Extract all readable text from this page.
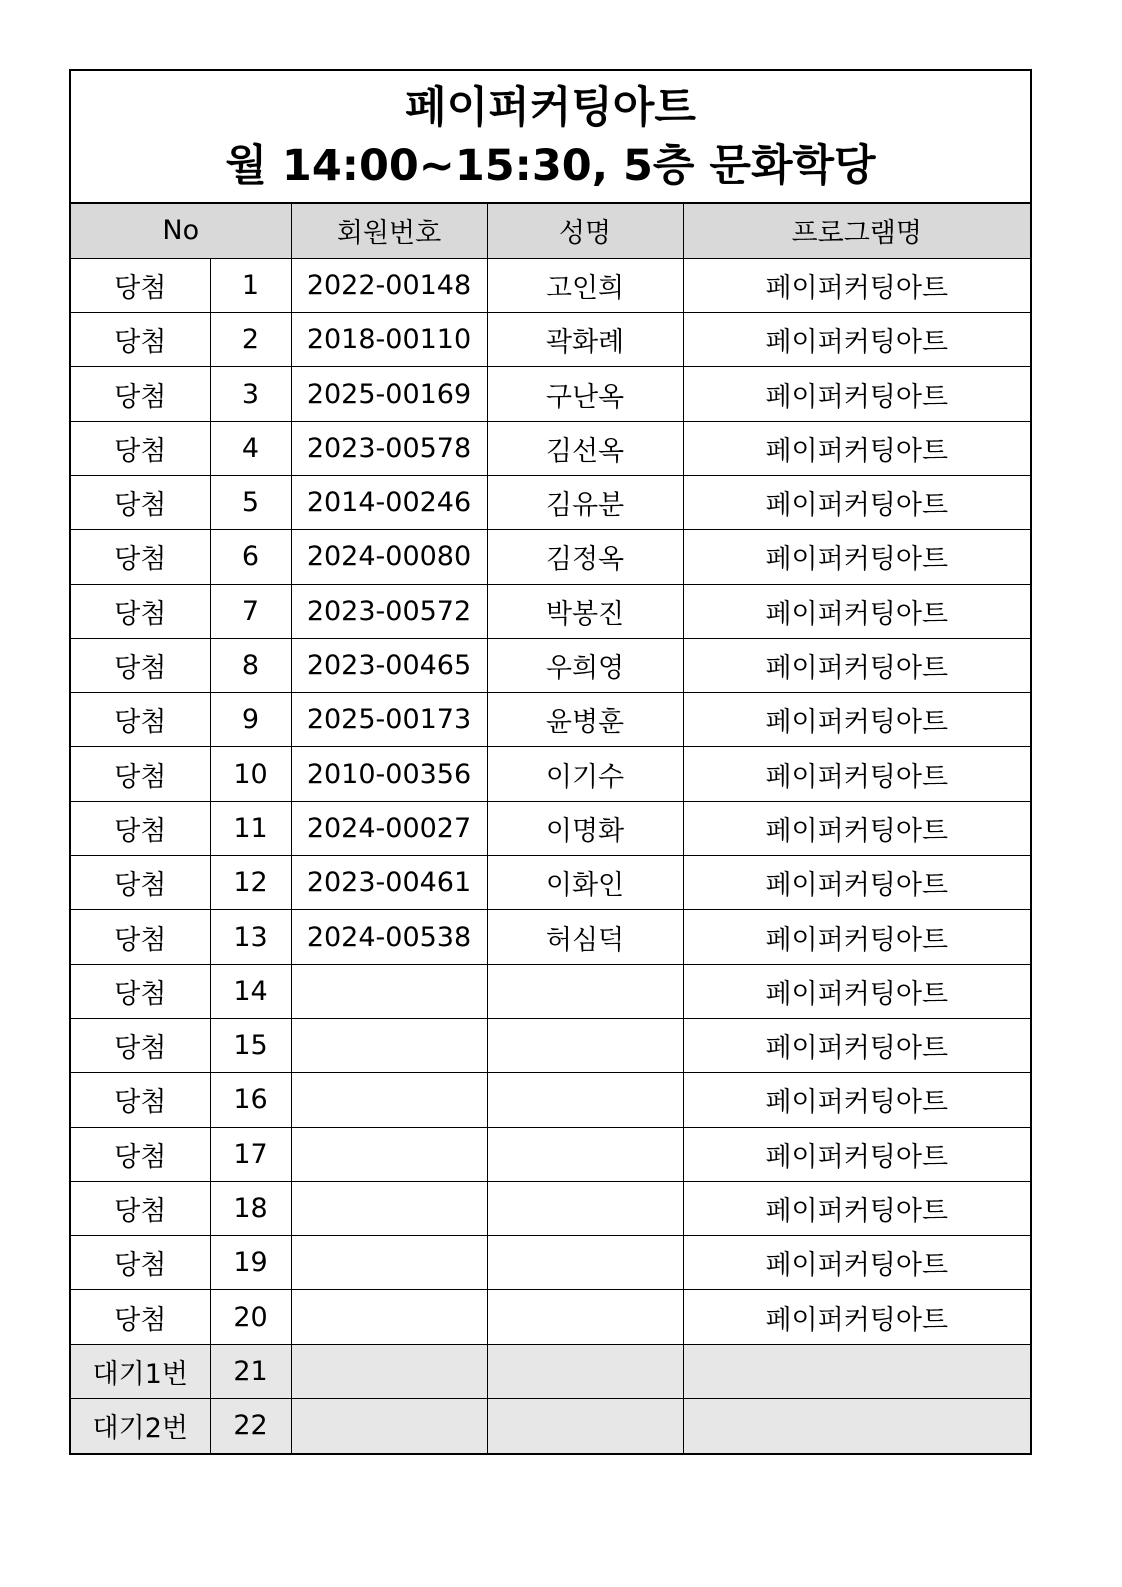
페이퍼커팅아트
월 14:00~15:30, 5층 문화학당
No		회원번호	성명	프로그램명
당첨	1	2022-00148	고인희	페이퍼커팅아트
당첨	2	2018-00110	곽화례	페이퍼커팅아트
당첨	3	2025-00169	구난옥	페이퍼커팅아트
당첨	4	2023-00578	김선옥	페이퍼커팅아트
당첨	5	2014-00246	김유분	페이퍼커팅아트
당첨	6	2024-00080	김정옥	페이퍼커팅아트
당첨	7	2023-00572	박봉진	페이퍼커팅아트
당첨	8	2023-00465	우희영	페이퍼커팅아트
당첨	9	2025-00173	윤병훈	페이퍼커팅아트
당첨	10	2010-00356	이기수	페이퍼커팅아트
당첨	11	2024-00027	이명화	페이퍼커팅아트
당첨	12	2023-00461	이화인	페이퍼커팅아트
당첨	13	2024-00538	허심덕	페이퍼커팅아트
당첨	14			페이퍼커팅아트
당첨	15			페이퍼커팅아트
당첨	16			페이퍼커팅아트
당첨	17			페이퍼커팅아트
당첨	18			페이퍼커팅아트
당첨	19			페이퍼커팅아트
당첨	20			페이퍼커팅아트
대기1번	21			
대기2번	22			
